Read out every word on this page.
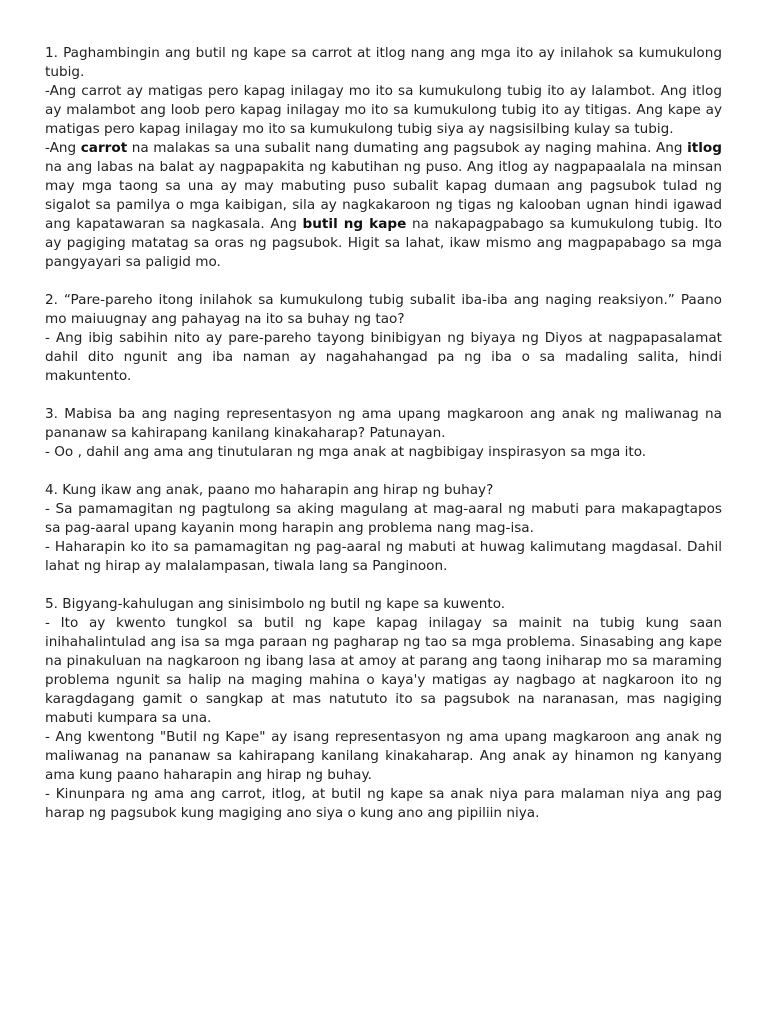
1. Paghambingin ang butil ng kape sa carrot at itlog nang ang mga ito ay inilahok sa kumukulong tubig.

-Ang carrot ay matigas pero kapag inilagay mo ito sa kumukulong tubig ito ay lalambot. Ang itlog ay malambot ang loob pero kapag inilagay mo ito sa kumukulong tubig ito ay titigas. Ang kape ay matigas pero kapag inilagay mo ito sa kumukulong tubig siya ay nagsisilbing kulay sa tubig.

-Ang carrot na malakas sa una subalit nang dumating ang pagsubok ay naging mahina. Ang itlog na ang labas na balat ay nagpapakita ng kabutihan ng puso. Ang itlog ay nagpapaalala na minsan may mga taong sa una ay may mabuting puso subalit kapag dumaan ang pagsubok tulad ng sigalot sa pamilya o mga kaibigan, sila ay nagkakaroon ng tigas ng kalooban ugnan hindi igawad ang kapatawaran sa nagkasala. Ang butil ng kape na nakapagpabago sa kumukulong tubig. Ito ay pagiging matatag sa oras ng pagsubok. Higit sa lahat, ikaw mismo ang magpapabago sa mga pangyayari sa paligid mo.

2. “Pare-pareho itong inilahok sa kumukulong tubig subalit iba-iba ang naging reaksiyon.” Paano mo maiuugnay ang pahayag na ito sa buhay ng tao?

- Ang ibig sabihin nito ay pare-pareho tayong binibigyan ng biyaya ng Diyos at nagpapasalamat dahil dito ngunit ang iba naman ay nagahahangad pa ng iba o sa madaling salita, hindi makuntento.

3. Mabisa ba ang naging representasyon ng ama upang magkaroon ang anak ng maliwanag na pananaw sa kahirapang kanilang kinakaharap? Patunayan.

- Oo , dahil ang ama ang tinutularan ng mga anak at nagbibigay inspirasyon sa mga ito.

4. Kung ikaw ang anak, paano mo haharapin ang hirap ng buhay?

- Sa pamamagitan ng pagtulong sa aking magulang at mag-aaral ng mabuti para makapagtapos sa pag-aaral upang kayanin mong harapin ang problema nang mag-isa.

- Haharapin ko ito sa pamamagitan ng pag-aaral ng mabuti at huwag kalimutang magdasal. Dahil lahat ng hirap ay malalampasan, tiwala lang sa Panginoon.

5. Bigyang-kahulugan ang sinisimbolo ng butil ng kape sa kuwento.

- Ito ay kwento tungkol sa butil ng kape kapag inilagay sa mainit na tubig kung saan inihahalintulad ang isa sa mga paraan ng pagharap ng tao sa mga problema. Sinasabing ang kape na pinakuluan na nagkaroon ng ibang lasa at amoy at parang ang taong iniharap mo sa maraming problema ngunit sa halip na maging mahina o kaya'y matigas ay nagbago at nagkaroon ito ng karagdagang gamit o sangkap at mas natututo ito sa pagsubok na naranasan, mas nagiging mabuti kumpara sa una.

- Ang kwentong "Butil ng Kape" ay isang representasyon ng ama upang magkaroon ang anak ng maliwanag na pananaw sa kahirapang kanilang kinakaharap. Ang anak ay hinamon ng kanyang ama kung paano haharapin ang hirap ng buhay.

- Kinunpara ng ama ang carrot, itlog, at butil ng kape sa anak niya para malaman niya ang pag harap ng pagsubok kung magiging ano siya o kung ano ang pipiliin niya.
